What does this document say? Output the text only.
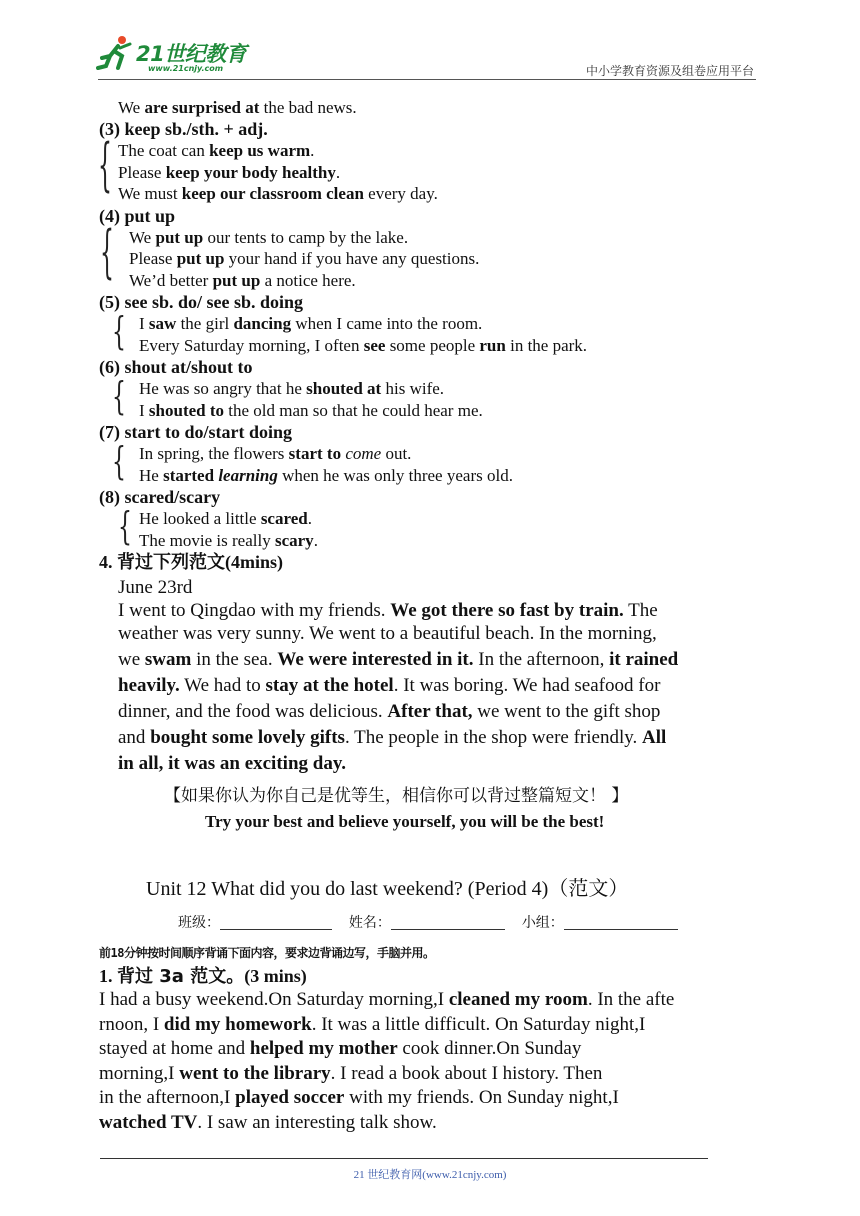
21世纪教育
www.21cnjy.com	中小学教育资源及组卷应用平台
We are surprised at the bad news.
(3) keep sb./sth. + adj.
{ The coat can keep us warm.
Please keep your body healthy.
We must keep our classroom clean every day.
(4) put up
{ We put up our tents to camp by the lake.
Please put up your hand if you have any questions.
We’d better put up a notice here.
(5) see sb. do/ see sb. doing
{ I saw the girl dancing when I came into the room.
Every Saturday morning, I often see some people run in the park.
(6) shout at/shout to
{ He was so angry that he shouted at his wife.
I shouted to the old man so that he could hear me.
(7) start to do/start doing
{ In spring, the flowers start to come out.
He started learning when he was only three years old.
(8) scared/scary
{ He looked a little scared.
The movie is really scary.
4. 背过下列范文(4mins)
June 23rd
I went to Qingdao with my friends. We got there so fast by train. The
weather was very sunny. We went to a beautiful beach. In the morning,
we swam in the sea. We were interested in it. In the afternoon, it rained
heavily. We had to stay at the hotel. It was boring. We had seafood for
dinner, and the food was delicious. After that, we went to the gift shop
and bought some lovely gifts. The people in the shop were friendly. All
in all, it was an exciting day.
【如果你认为你自己是优等生，相信你可以背过整篇短文！ 】
Try your best and believe yourself, you will be the best!
Unit 12 What did you do last weekend? (Period 4)（范文）
班级：	姓名：	小组：
前18分钟按时间顺序背诵下面内容，要求边背诵边写，手脑并用。
1. 背过 3a 范文。(3 mins)
I had a busy weekend.On Saturday morning,I cleaned my room. In the afte
rnoon, I did my homework. It was a little difficult. On Saturday night,I
stayed at home and helped my mother cook dinner.On Sunday
morning,I went to the library. I read a book about I history. Then
in the afternoon,I played soccer with my friends. On Sunday night,I
watched TV. I saw an interesting talk show.
21 世纪教育网(www.21cnjy.com)
